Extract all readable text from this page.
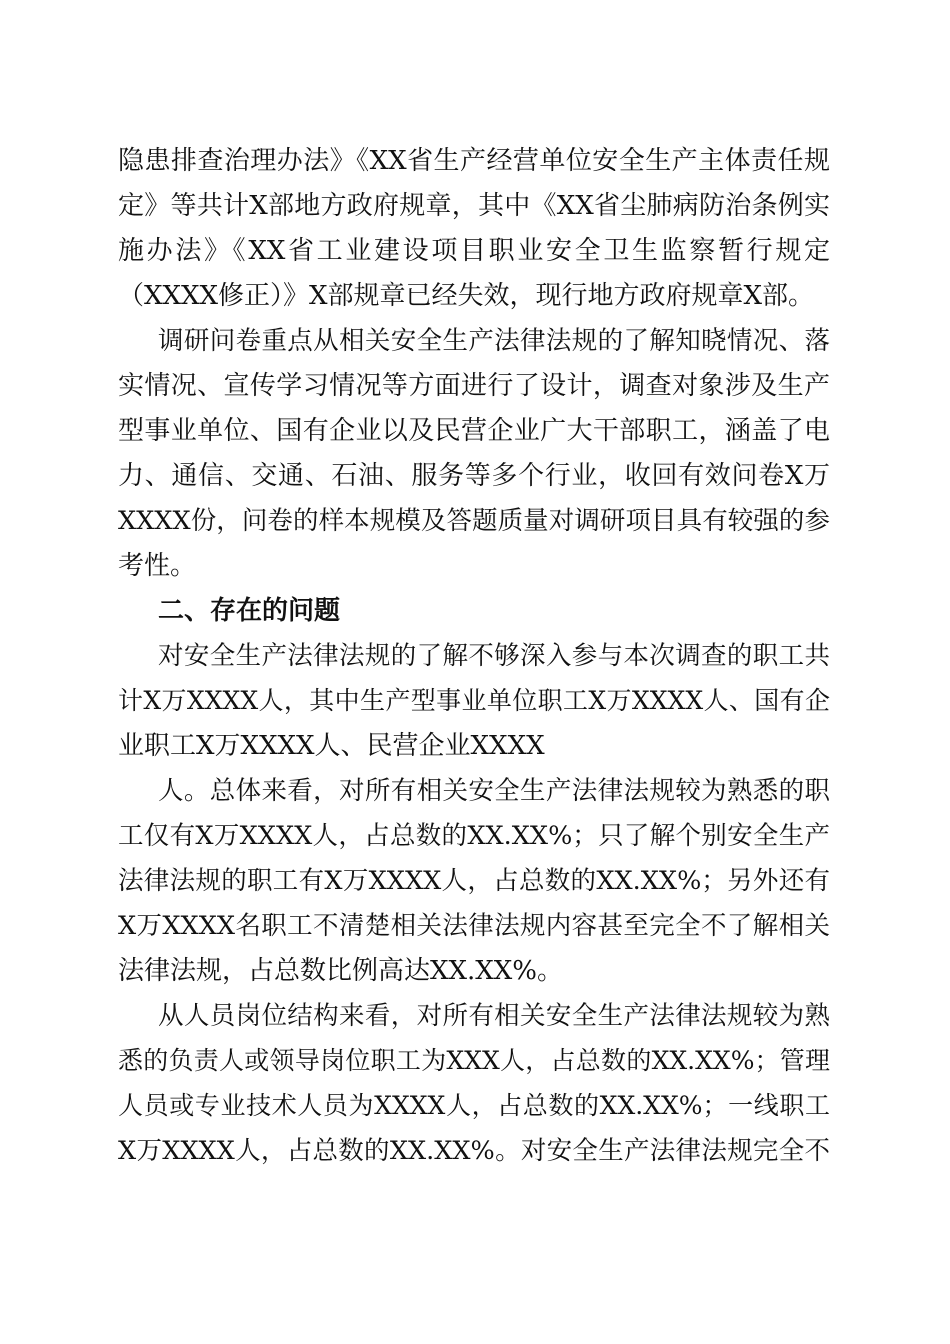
隐患排查治理办法》《XX省生产经营单位安全生产主体责任规
定》等共计X部地方政府规章，其中《XX省尘肺病防治条例实
施办法》《XX省工业建设项目职业安全卫生监察暂行规定
（XXXX修正）》X部规章已经失效，现行地方政府规章X部。
调研问卷重点从相关安全生产法律法规的了解知晓情况、落
实情况、宣传学习情况等方面进行了设计，调查对象涉及生产
型事业单位、国有企业以及民营企业广大干部职工，涵盖了电
力、通信、交通、石油、服务等多个行业，收回有效问卷X万
XXXX份，问卷的样本规模及答题质量对调研项目具有较强的参
考性。
二、存在的问题
对安全生产法律法规的了解不够深入参与本次调查的职工共
计X万XXXX人，其中生产型事业单位职工X万XXXX人、国有企
业职工X万XXXX人、民营企业XXXX
人。总体来看，对所有相关安全生产法律法规较为熟悉的职
工仅有X万XXXX人，占总数的XX.XX%；只了解个别安全生产
法律法规的职工有X万XXXX人，占总数的XX.XX%；另外还有
X万XXXX名职工不清楚相关法律法规内容甚至完全不了解相关
法律法规，占总数比例高达XX.XX%。
从人员岗位结构来看，对所有相关安全生产法律法规较为熟
悉的负责人或领导岗位职工为XXX人，占总数的XX.XX%；管理
人员或专业技术人员为XXXX人，占总数的XX.XX%；一线职工
X万XXXX人，占总数的XX.XX%。对安全生产法律法规完全不
